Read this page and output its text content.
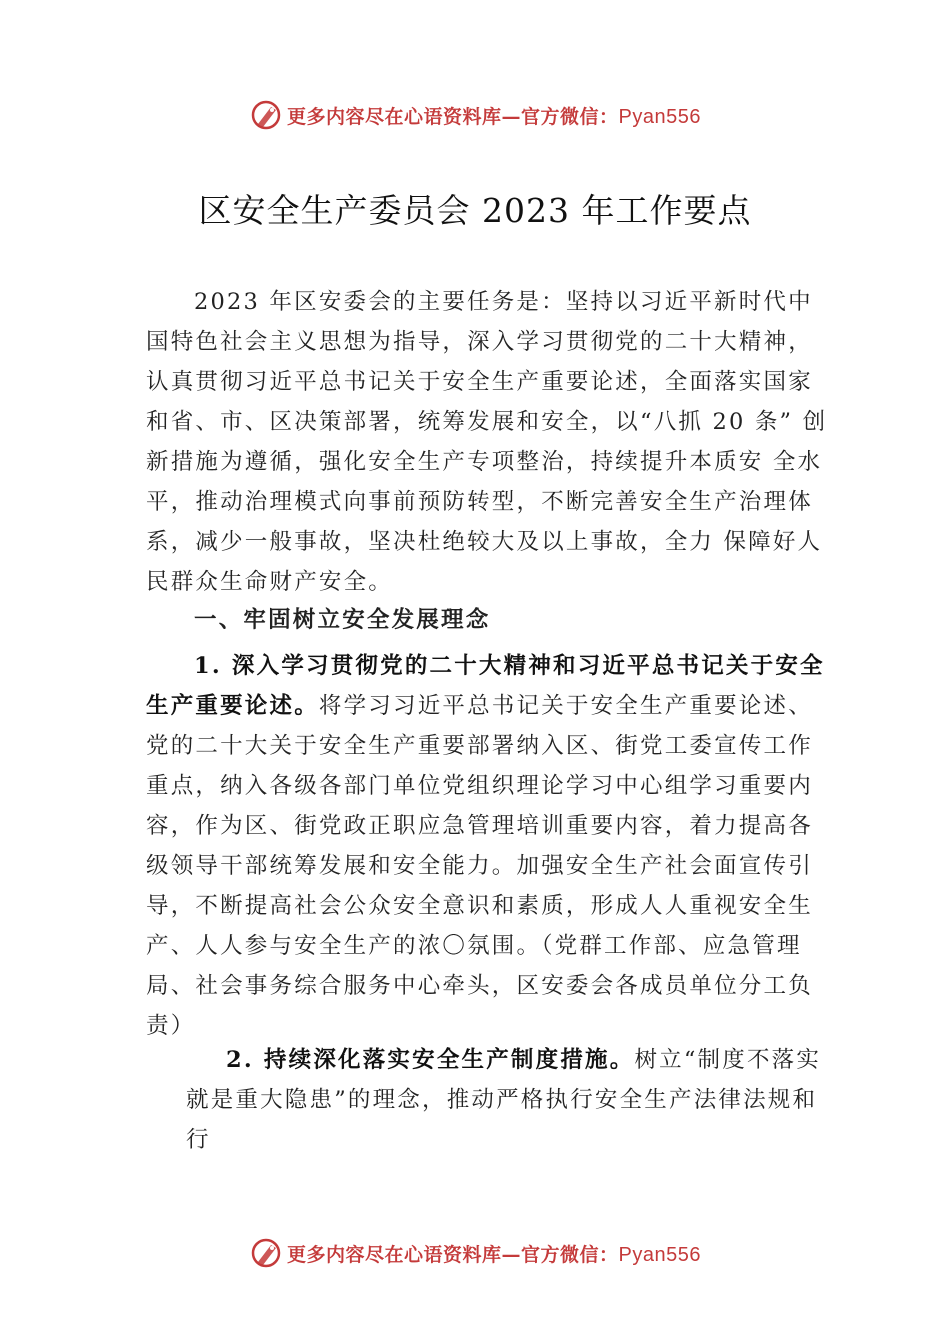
更多内容尽在心语资料库—官方微信：Pyan556
区安全生产委员会 2023 年工作要点

2023 年区安委会的主要任务是：坚持以习近平新时代中国特色社会主义思想为指导，深入学习贯彻党的二十大精神，认真贯彻习近平总书记关于安全生产重要论述，全面落实国家和省、市、区决策部署，统筹发展和安全，以“八抓 20 条” 创新措施为遵循，强化安全生产专项整治，持续提升本质安 全水平，推动治理模式向事前预防转型，不断完善安全生产治理体系，减少一般事故，坚决杜绝较大及以上事故，全力 保障好人民群众生命财产安全。

一、牢固树立安全发展理念

1. 深入学习贯彻党的二十大精神和习近平总书记关于安全生产重要论述。将学习习近平总书记关于安全生产重要论述、党的二十大关于安全生产重要部署纳入区、街党工委宣传工作重点，纳入各级各部门单位党组织理论学习中心组学习重要内容，作为区、街党政正职应急管理培训重要内容，着力提高各级领导干部统筹发展和安全能力。加强安全生产社会面宣传引导，不断提高社会公众安全意识和素质，形成人人重视安全生产、人人参与安全生产的浓〇氛围。（党群工作部、应急管理局、社会事务综合服务中心牵头，区安委会各成员单位分工负责）

2. 持续深化落实安全生产制度措施。树立“制度不落实就是重大隐患”的理念，推动严格执行安全生产法律法规和行

更多内容尽在心语资料库—官方微信：Pyan556
